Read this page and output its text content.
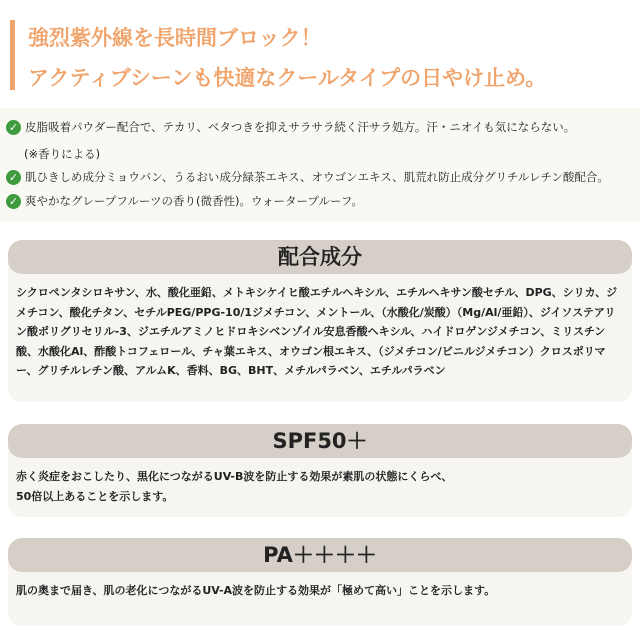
強烈紫外線を長時間ブロック！
アクティブシーンも快適なクールタイプの日やけ止め。
✓ 皮脂吸着パウダー配合で、テカリ、ベタつきを抑えサラサラ続く汗サラ処方。汗・ニオイも気にならない。
(※香りによる)
✓ 肌ひきしめ成分ミョウバン、うるおい成分緑茶エキス、オウゴンエキス、肌荒れ防止成分グリチルレチン酸配合。
✓ 爽やかなグレープフルーツの香り(微香性)。ウォータープルーフ。
配合成分
シクロペンタシロキサン、水、酸化亜鉛、メトキシケイヒ酸エチルヘキシル、エチルヘキサン酸セチル、DPG、シリカ、ジメチコン、酸化チタン、セチルPEG/PPG-10/1ジメチコン、メントール、（水酸化/炭酸）（Mg/Al/亜鉛）、ジイソステアリン酸ポリグリセリル-3、ジエチルアミノヒドロキシベンゾイル安息香酸ヘキシル、ハイドロゲンジメチコン、ミリスチン酸、水酸化Al、酢酸トコフェロール、チャ葉エキス、オウゴン根エキス、（ジメチコン/ビニルジメチコン）クロスポリマー、グリチルレチン酸、アルムK、香料、BG、BHT、メチルパラベン、エチルパラベン
SPF50＋
赤く炎症をおこしたり、黒化につながるUV-B波を防止する効果が素肌の状態にくらべ、
50倍以上あることを示します。
PA＋＋＋＋
肌の奥まで届き、肌の老化につながるUV-A波を防止する効果が「極めて高い」ことを示します。
